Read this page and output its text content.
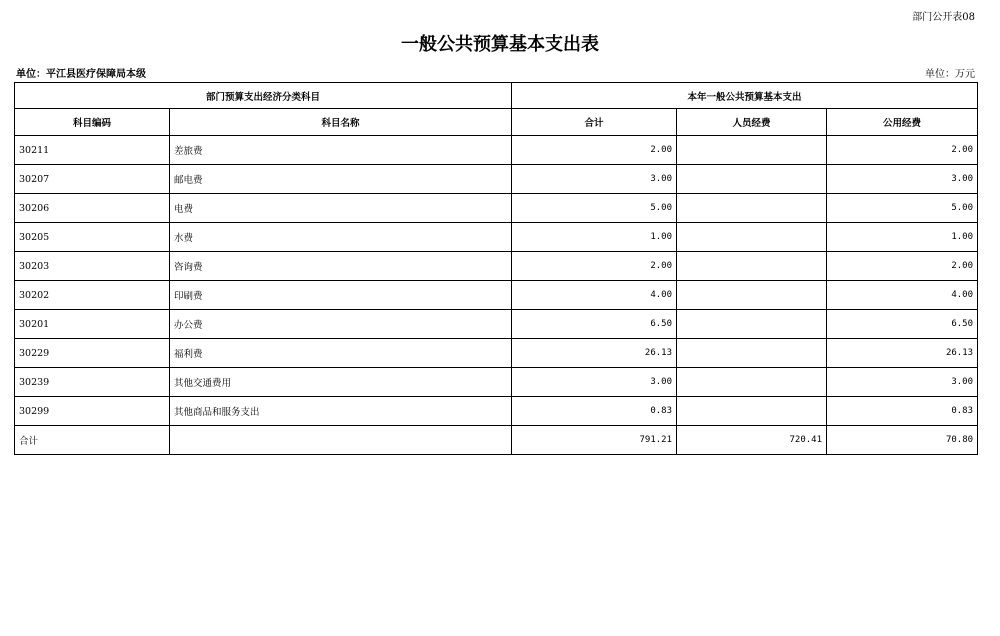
部门公开表08
一般公共预算基本支出表
单位：平江县医疗保障局本级	单位：万元
部门预算支出经济分类科目		本年一般公共预算基本支出		
科目编码	科目名称	合计	人员经费	公用经费
30211	差旅费	2.00		2.00
30207	邮电费	3.00		3.00
30206	电费	5.00		5.00
30205	水费	1.00		1.00
30203	咨询费	2.00		2.00
30202	印刷费	4.00		4.00
30201	办公费	6.50		6.50
30229	福利费	26.13		26.13
30239	其他交通费用	3.00		3.00
30299	其他商品和服务支出	0.83		0.83
合计		791.21	720.41	70.80
